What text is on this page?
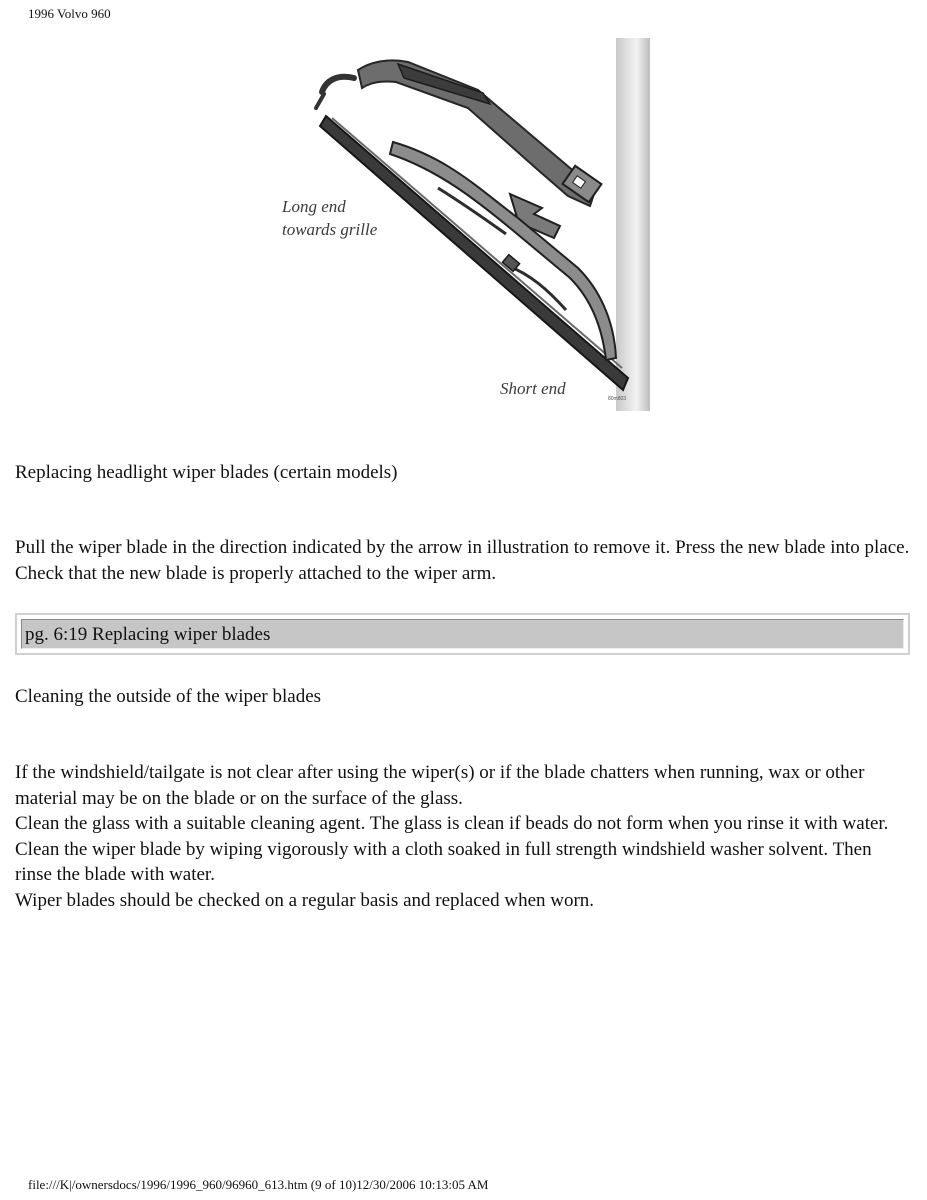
1996 Volvo 960
Long end
towards grille
Short end
80m803
Replacing headlight wiper blades (certain models)
Pull the wiper blade in the direction indicated by the arrow in illustration to remove it. Press the new blade into place. Check that the new blade is properly attached to the wiper arm.
pg. 6:19 Replacing wiper blades
Cleaning the outside of the wiper blades

If the windshield/tailgate is not clear after using the wiper(s) or if the blade chatters when running, wax or other material may be on the blade or on the surface of the glass.

Clean the glass with a suitable cleaning agent. The glass is clean if beads do not form when you rinse it with water.

Clean the wiper blade by wiping vigorously with a cloth soaked in full strength windshield washer solvent. Then rinse the blade with water.

Wiper blades should be checked on a regular basis and replaced when worn.

file:///K|/ownersdocs/1996/1996_960/96960_613.htm (9 of 10)12/30/2006 10:13:05 AM
